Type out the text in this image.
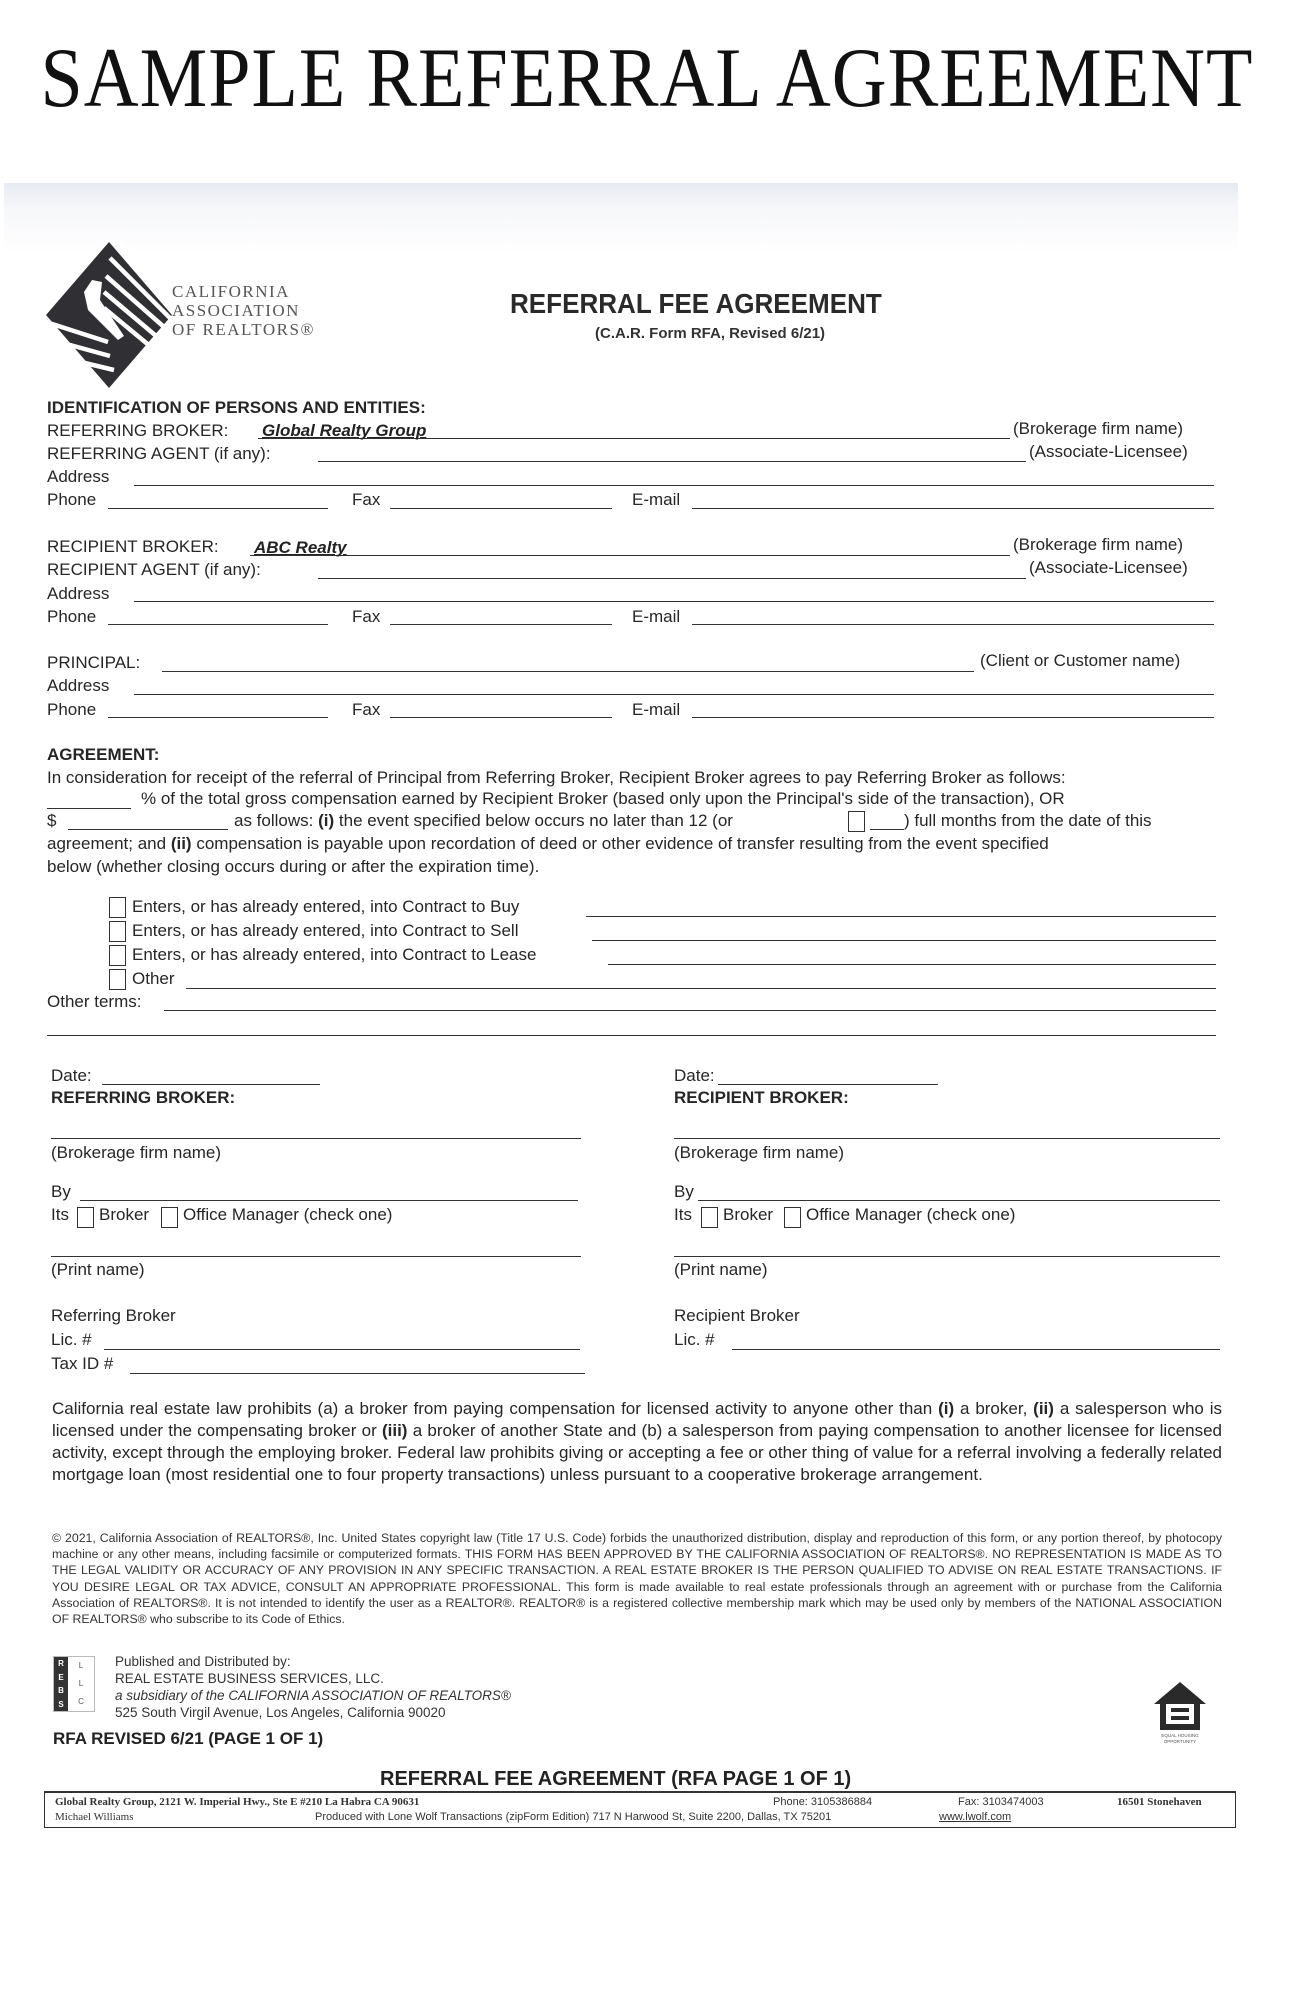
SAMPLE REFERRAL AGREEMENT
CALIFORNIA
ASSOCIATION
OF REALTORS®
REFERRAL FEE AGREEMENT
(C.A.R. Form RFA, Revised 6/21)
IDENTIFICATION OF PERSONS AND ENTITIES:
REFERRING BROKER: Global Realty Group	(Brokerage firm name)
REFERRING AGENT (if any):	(Associate-Licensee)
Address
Phone	Fax	E-mail
RECIPIENT BROKER: ABC Realty	(Brokerage firm name)
RECIPIENT AGENT (if any):	(Associate-Licensee)
Address
Phone	Fax	E-mail
PRINCIPAL:	(Client or Customer name)
Address
Phone	Fax	E-mail
AGREEMENT:
In consideration for receipt of the referral of Principal from Referring Broker, Recipient Broker agrees to pay Referring Broker as follows:
% of the total gross compensation earned by Recipient Broker (based only upon the Principal's side of the transaction), OR
$	as follows: (i) the event specified below occurs no later than 12 (or	) full months from the date of this
agreement; and (ii) compensation is payable upon recordation of deed or other evidence of transfer resulting from the event specified
below (whether closing occurs during or after the expiration time).
Enters, or has already entered, into Contract to Buy
Enters, or has already entered, into Contract to Sell
Enters, or has already entered, into Contract to Lease
Other
Other terms:
Date:
REFERRING BROKER:
(Brokerage firm name)
By
Its Broker Office Manager (check one)
(Print name)
Referring Broker
Lic. #
Tax ID #
Date:
RECIPIENT BROKER:
(Brokerage firm name)
By
Its Broker Office Manager (check one)
(Print name)
Recipient Broker
Lic. #
California real estate law prohibits (a) a broker from paying compensation for licensed activity to anyone other than (i) a broker, (ii) a salesperson who is licensed under the compensating broker or (iii) a broker of another State and (b) a salesperson from paying compensation to another licensee for licensed activity, except through the employing broker. Federal law prohibits giving or accepting a fee or other thing of value for a referral involving a federally related mortgage loan (most residential one to four property transactions) unless pursuant to a cooperative brokerage arrangement.
© 2021, California Association of REALTORS®, Inc. United States copyright law (Title 17 U.S. Code) forbids the unauthorized distribution, display and reproduction of this form, or any portion thereof, by photocopy machine or any other means, including facsimile or computerized formats. THIS FORM HAS BEEN APPROVED BY THE CALIFORNIA ASSOCIATION OF REALTORS®. NO REPRESENTATION IS MADE AS TO THE LEGAL VALIDITY OR ACCURACY OF ANY PROVISION IN ANY SPECIFIC TRANSACTION. A REAL ESTATE BROKER IS THE PERSON QUALIFIED TO ADVISE ON REAL ESTATE TRANSACTIONS. IF YOU DESIRE LEGAL OR TAX ADVICE, CONSULT AN APPROPRIATE PROFESSIONAL. This form is made available to real estate professionals through an agreement with or purchase from the California Association of REALTORS®. It is not intended to identify the user as a REALTOR®. REALTOR® is a registered collective membership mark which may be used only by members of the NATIONAL ASSOCIATION OF REALTORS® who subscribe to its Code of Ethics.
R
E
B
S
L
L
C
Published and Distributed by:
REAL ESTATE BUSINESS SERVICES, LLC.
a subsidiary of the CALIFORNIA ASSOCIATION OF REALTORS®
525 South Virgil Avenue, Los Angeles, California 90020
RFA REVISED 6/21 (PAGE 1 OF 1)	EQUAL HOUSING
OPPORTUNITY
REFERRAL FEE AGREEMENT (RFA PAGE 1 OF 1)
Global Realty Group, 2121 W. Imperial Hwy., Ste E #210 La Habra CA 90631
Michael Williams
Phone: 3105386884	Fax: 3103474003	16501 Stonehaven
Produced with Lone Wolf Transactions (zipForm Edition) 717 N Harwood St, Suite 2200, Dallas, TX 75201	www.lwolf.com
